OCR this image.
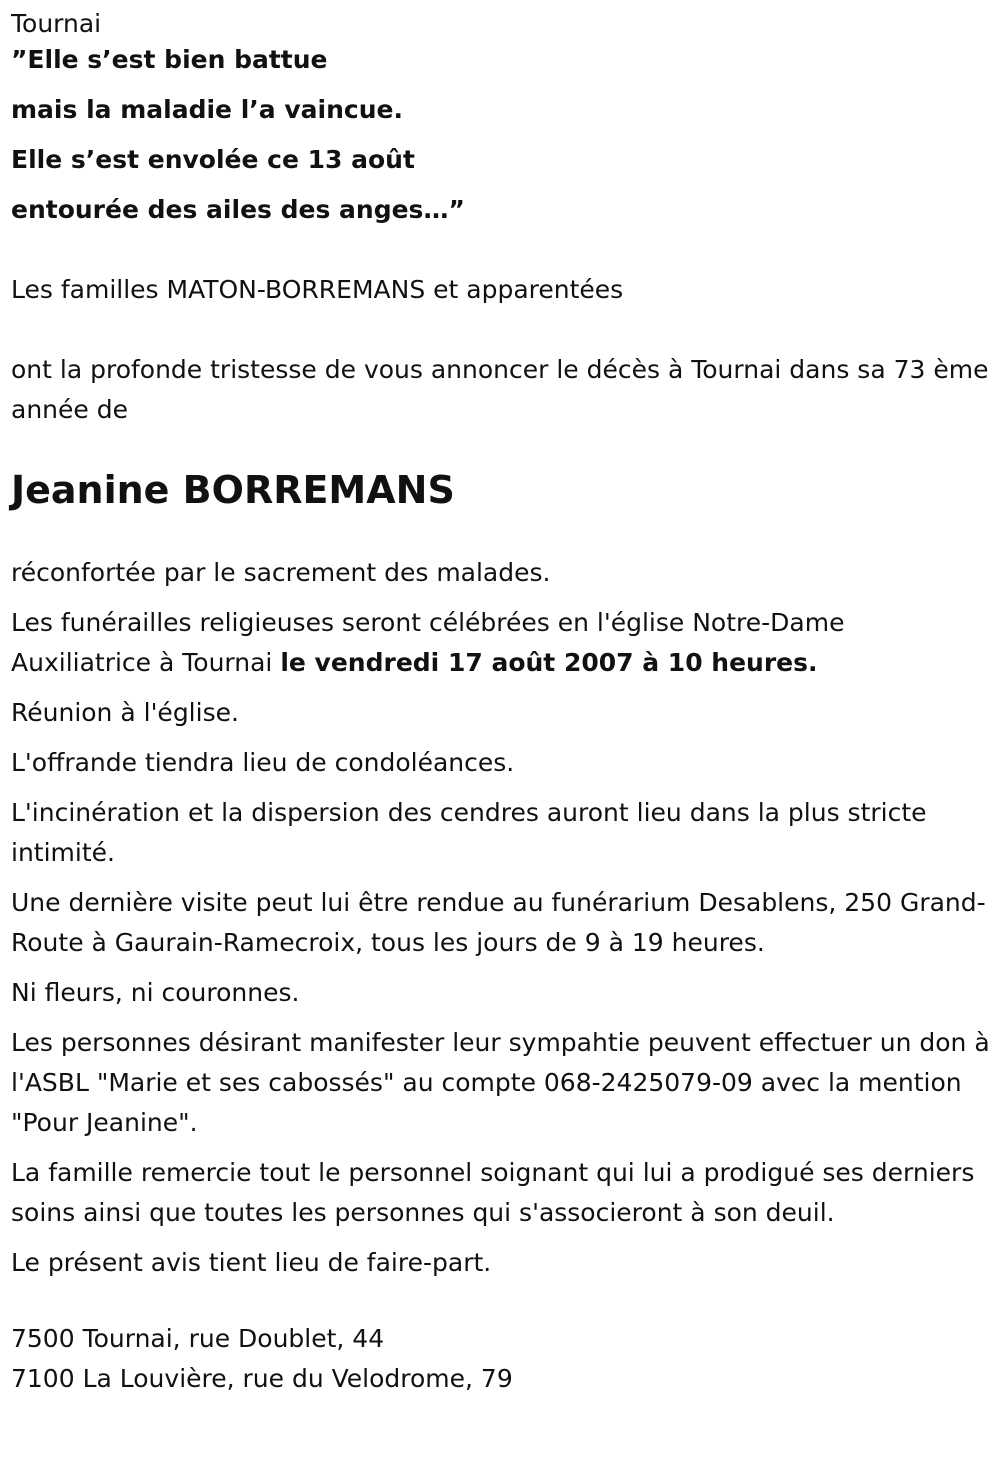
Tournai

”Elle s’est bien battue

mais la maladie l’a vaincue.

Elle s’est envolée ce 13 août

entourée des ailes des anges…”

Les familles MATON-BORREMANS et apparentées

ont la profonde tristesse de vous annoncer le décès à Tournai dans sa 73 ème année de

Jeanine BORREMANS

réconfortée par le sacrement des malades.

Les funérailles religieuses seront célébrées en l'église Notre-Dame Auxiliatrice à Tournai le vendredi 17 août 2007 à 10 heures.

Réunion à l'église.

L'offrande tiendra lieu de condoléances.

L'incinération et la dispersion des cendres auront lieu dans la plus stricte intimité.

Une dernière visite peut lui être rendue au funérarium Desablens, 250 Grand-Route à Gaurain-Ramecroix, tous les jours de 9 à 19 heures.

Ni fleurs, ni couronnes.

Les personnes désirant manifester leur sympahtie peuvent effectuer un don à l'ASBL "Marie et ses cabossés" au compte 068-2425079-09 avec la mention "Pour Jeanine".

La famille remercie tout le personnel soignant qui lui a prodigué ses derniers soins ainsi que toutes les personnes qui s'associeront à son deuil.

Le présent avis tient lieu de faire-part.

7500 Tournai, rue Doublet, 44

7100 La Louvière, rue du Velodrome, 79
